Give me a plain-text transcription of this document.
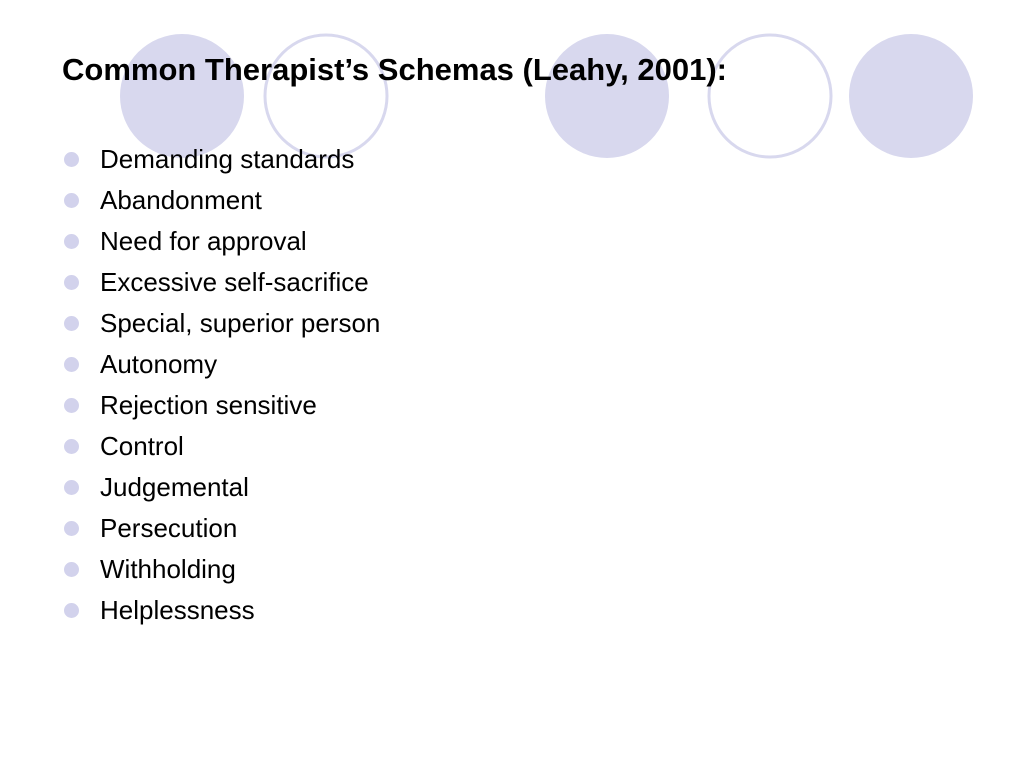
Common Therapist’s Schemas (Leahy, 2001):
Demanding standards
Abandonment
Need for approval
Excessive self-sacrifice
Special, superior person
Autonomy
Rejection sensitive
Control
Judgemental
Persecution
Withholding
Helplessness
